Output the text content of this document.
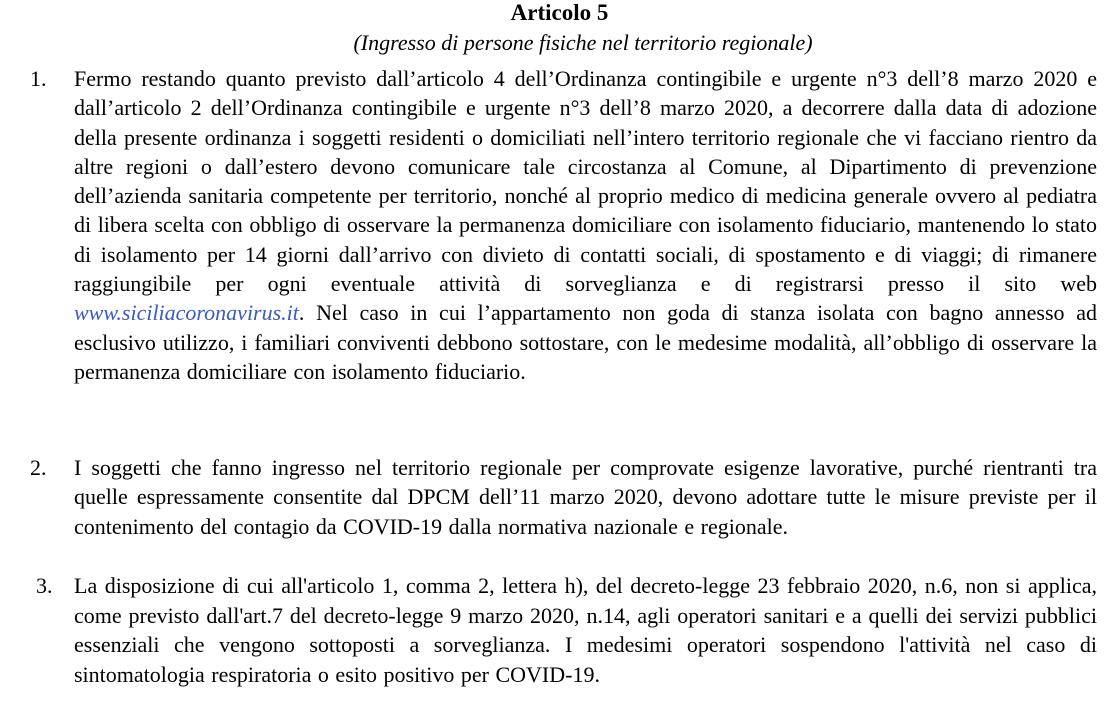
Articolo 5
(Ingresso di persone fisiche nel territorio regionale)
1. Fermo restando quanto previsto dall’articolo 4 dell’Ordinanza contingibile e urgente n°3 dell’8 marzo 2020 e dall’articolo 2 dell’Ordinanza contingibile e urgente n°3 dell’8 marzo 2020, a decorrere dalla data di adozione della presente ordinanza i soggetti residenti o domiciliati nell’intero territorio regionale che vi facciano rientro da altre regioni o dall’estero devono comunicare tale circostanza al Comune, al Dipartimento di prevenzione dell’azienda sanitaria competente per territorio, nonché al proprio medico di medicina generale ovvero al pediatra di libera scelta con obbligo di osservare la permanenza domiciliare con isolamento fiduciario, mantenendo lo stato di isolamento per 14 giorni dall’arrivo con divieto di contatti sociali, di spostamento e di viaggi; di rimanere raggiungibile per ogni eventuale attività di sorveglianza e di registrarsi presso il sito web www.siciliacoronavirus.it. Nel caso in cui l’appartamento non goda di stanza isolata con bagno annesso ad esclusivo utilizzo, i familiari conviventi debbono sottostare, con le medesime modalità, all’obbligo di osservare la permanenza domiciliare con isolamento fiduciario.
2. I soggetti che fanno ingresso nel territorio regionale per comprovate esigenze lavorative, purché rientranti tra quelle espressamente consentite dal DPCM dell’11 marzo 2020, devono adottare tutte le misure previste per il contenimento del contagio da COVID-19 dalla normativa nazionale e regionale.
3. La disposizione di cui all'articolo 1, comma 2, lettera h), del decreto-legge 23 febbraio 2020, n.6, non si applica, come previsto dall'art.7 del decreto-legge 9 marzo 2020, n.14, agli operatori sanitari e a quelli dei servizi pubblici essenziali che vengono sottoposti a sorveglianza. I medesimi operatori sospendono l'attività nel caso di sintomatologia respiratoria o esito positivo per COVID-19.
